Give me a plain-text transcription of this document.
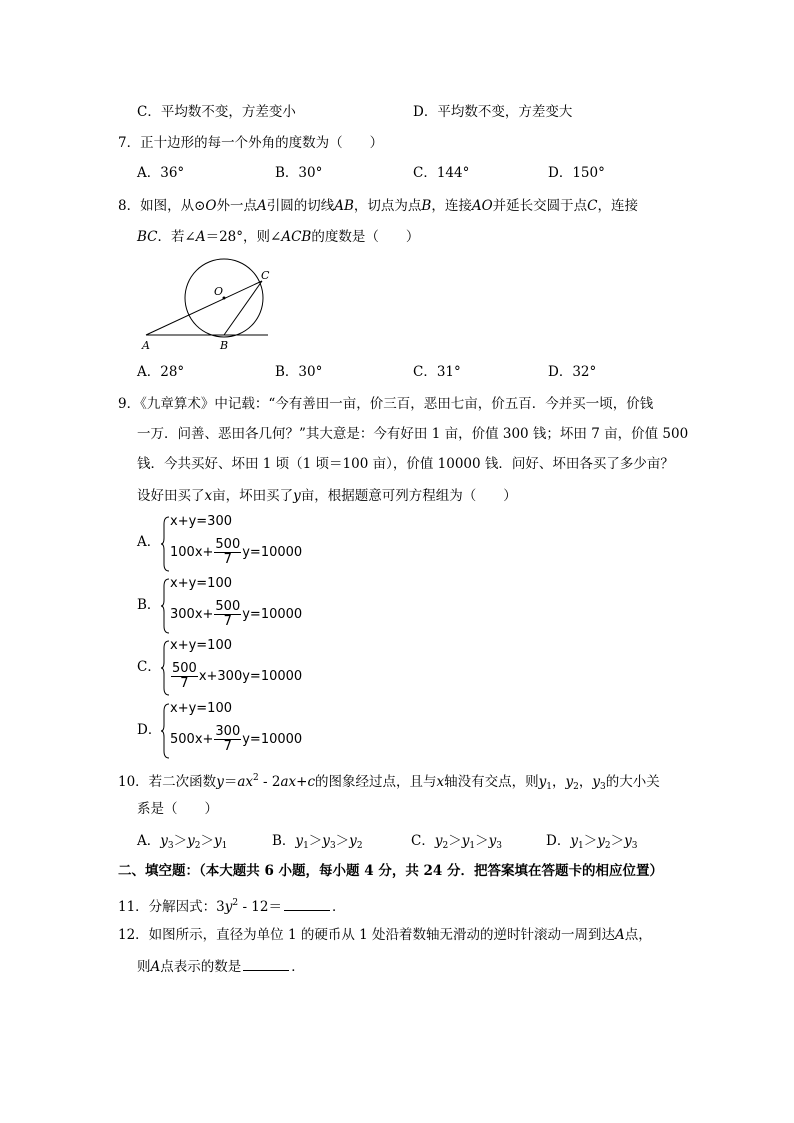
C．平均数不变，方差变小	D．平均数不变，方差变大
7．正十边形的每一个外角的度数为（　　）
A．36°	B．30°	C．144°	D．150°
8．如图，从⊙O外一点A引圆的切线AB，切点为点B，连接AO并延长交圆于点C，连接
BC．若∠A＝28°，则∠ACB的度数是（　　）
O
C
A	B
A．28°	B．30°	C．31°	D．32°
9．《九章算术》中记载：“今有善田一亩，价三百，恶田七亩，价五百．今并买一顷，价钱
一万．问善、恶田各几何？”其大意是：今有好田 1 亩，价值 300 钱；坏田 7 亩，价值 500
钱．今共买好、坏田 1 顷（1 顷＝100 亩），价值 10000 钱．问好、坏田各买了多少亩？
设好田买了x亩，坏田买了y亩，根据题意可列方程组为（　　）
A．
x+y=300
$100x+ \frac{500}{7} y=10000$
B．
x+y=100
$300x+ \frac{500}{7} y=10000$
C．
x+y=100
$\frac{500}{7} x+300y=10000$
D．
x+y=100
$500x+ \frac{300}{7} y=10000$
10．若二次函数$y=ax^2 - 2ax+c$的图象经过点，且与x轴没有交点，则$y_1$，$y_2$，$y_3$的大小关
系是（　　）
A．$y_3>y_2>y_1$	B．$y_1>y_3>y_2$	C．$y_2>y_1>y_3$	D．$y_1>y_2>y_3$
二、填空题：（本大题共 6 小题，每小题 4 分，共 24 分．把答案填在答题卡的相应位置）
11．分解因式：$3y^2 - 12=$	．
12．如图所示，直径为单位 1 的硬币从 1 处沿着数轴无滑动的逆时针滚动一周到达A点，
则A点表示的数是	．
